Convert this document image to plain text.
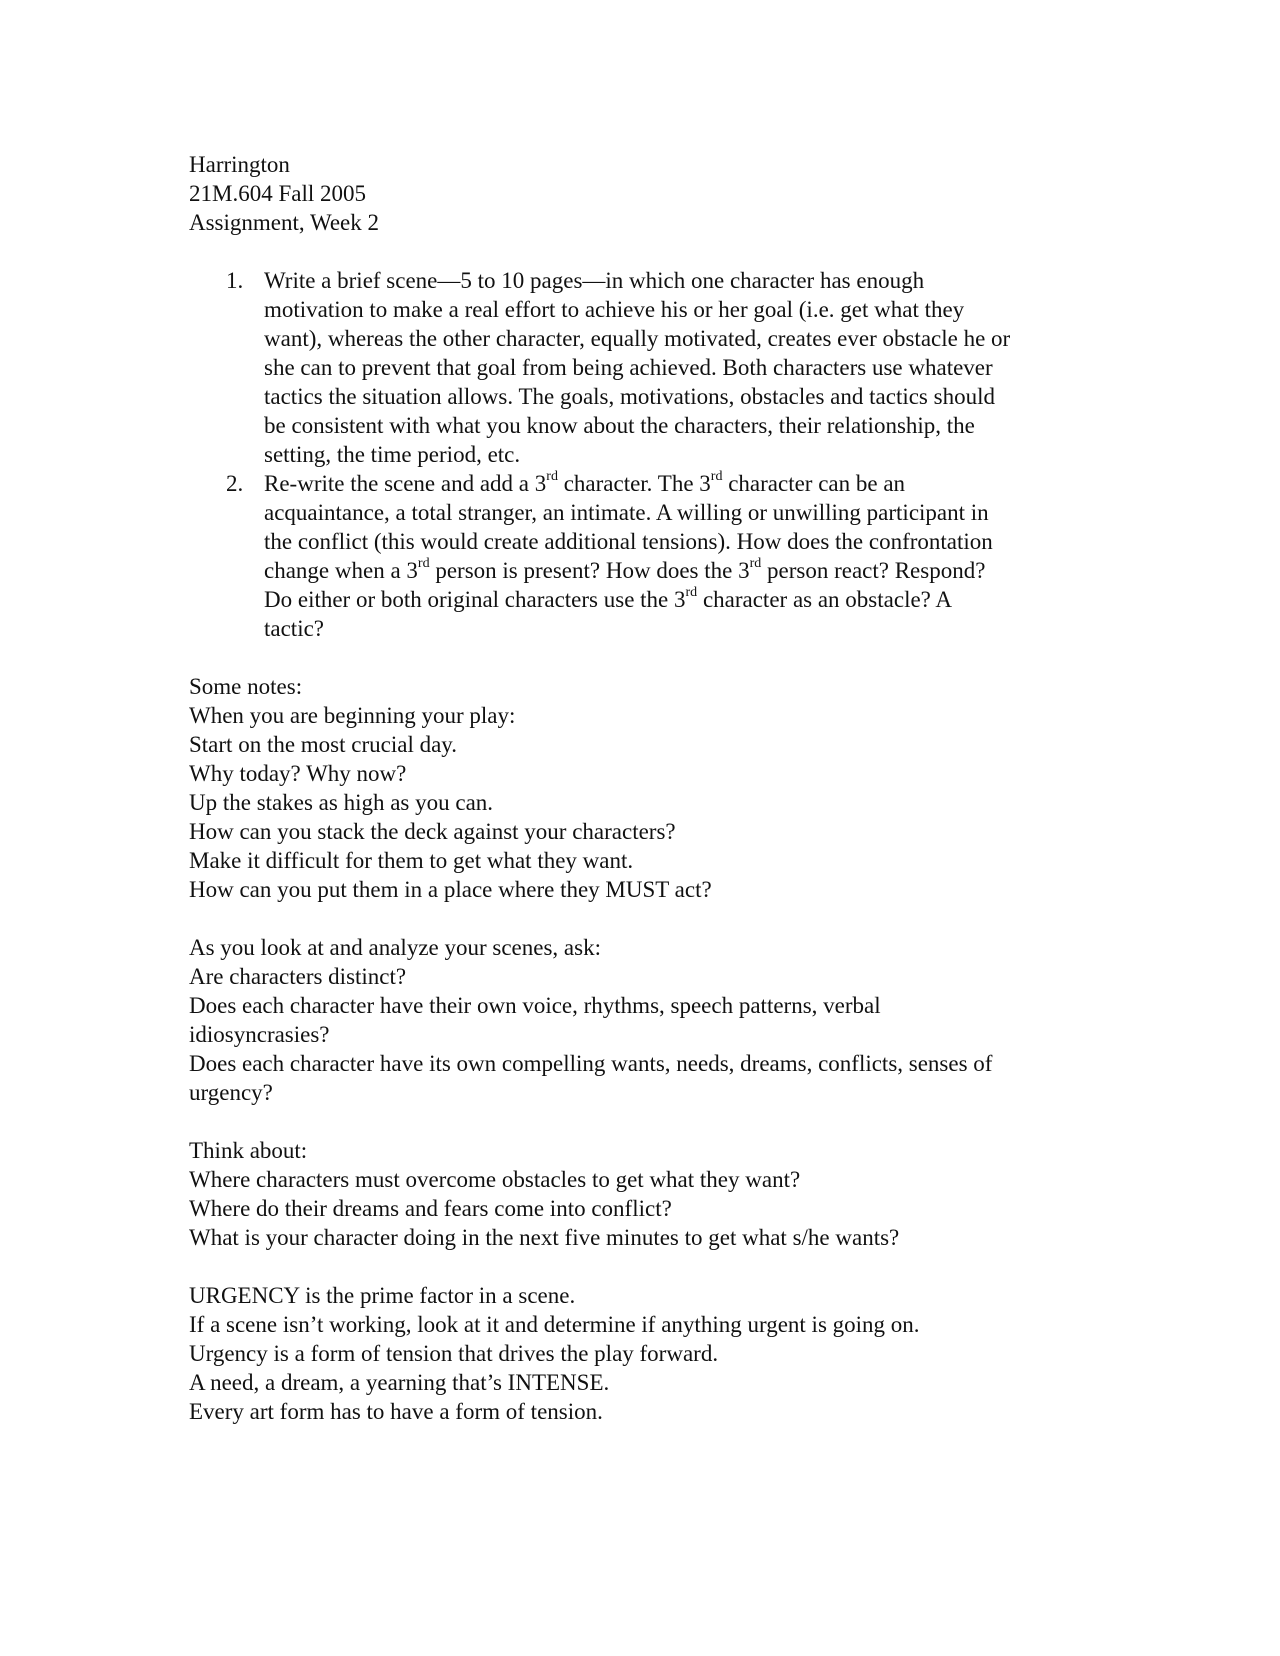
Harrington
21M.604 Fall 2005
Assignment, Week 2
1. Write a brief scene—5 to 10 pages—in which one character has enough
motivation to make a real effort to achieve his or her goal (i.e. get what they
want), whereas the other character, equally motivated, creates ever obstacle he or
she can to prevent that goal from being achieved. Both characters use whatever
tactics the situation allows. The goals, motivations, obstacles and tactics should
be consistent with what you know about the characters, their relationship, the
setting, the time period, etc.
2. Re-write the scene and add a 3rd character. The 3rd character can be an
acquaintance, a total stranger, an intimate. A willing or unwilling participant in
the conflict (this would create additional tensions). How does the confrontation
change when a 3rd person is present? How does the 3rd person react? Respond?
Do either or both original characters use the 3rd character as an obstacle? A
tactic?
Some notes:
When you are beginning your play:
Start on the most crucial day.
Why today? Why now?
Up the stakes as high as you can.
How can you stack the deck against your characters?
Make it difficult for them to get what they want.
How can you put them in a place where they MUST act?
As you look at and analyze your scenes, ask:
Are characters distinct?
Does each character have their own voice, rhythms, speech patterns, verbal
idiosyncrasies?
Does each character have its own compelling wants, needs, dreams, conflicts, senses of
urgency?
Think about:
Where characters must overcome obstacles to get what they want?
Where do their dreams and fears come into conflict?
What is your character doing in the next five minutes to get what s/he wants?
URGENCY is the prime factor in a scene.
If a scene isn’t working, look at it and determine if anything urgent is going on.
Urgency is a form of tension that drives the play forward.
A need, a dream, a yearning that’s INTENSE.
Every art form has to have a form of tension.
